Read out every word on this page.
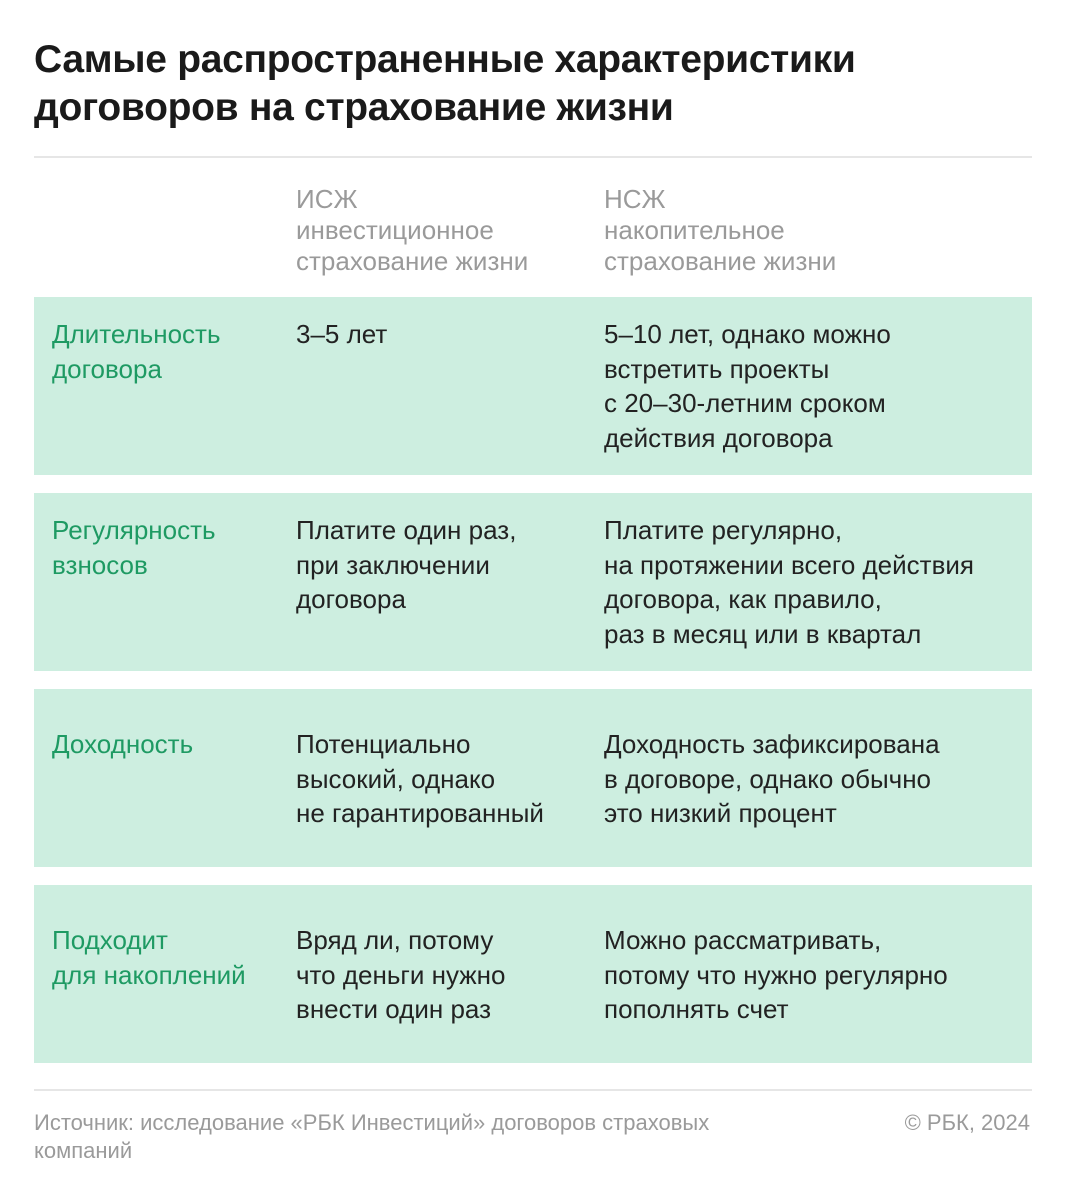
Самые распространенные характеристики
договоров на страхование жизни
ИСЖ
инвестиционное
страхование жизни
НСЖ
накопительное
страхование жизни
Длительность
договора
3–5 лет	5–10 лет, однако можно
встретить проекты
с 20–30-летним сроком
действия договора
Регулярность
взносов
Платите один раз,
при заключении
договора
Платите регулярно,
на протяжении всего действия
договора, как правило,
раз в месяц или в квартал
Доходность	Потенциально
высокий, однако
не гарантированный
Доходность зафиксирована
в договоре, однако обычно
это низкий процент
Подходит
для накоплений
Вряд ли, потому
что деньги нужно
внести один раз
Можно рассматривать,
потому что нужно регулярно
пополнять счет
Источник: исследование «РБК Инвестиций» договоров страховых
компаний
© РБК, 2024
